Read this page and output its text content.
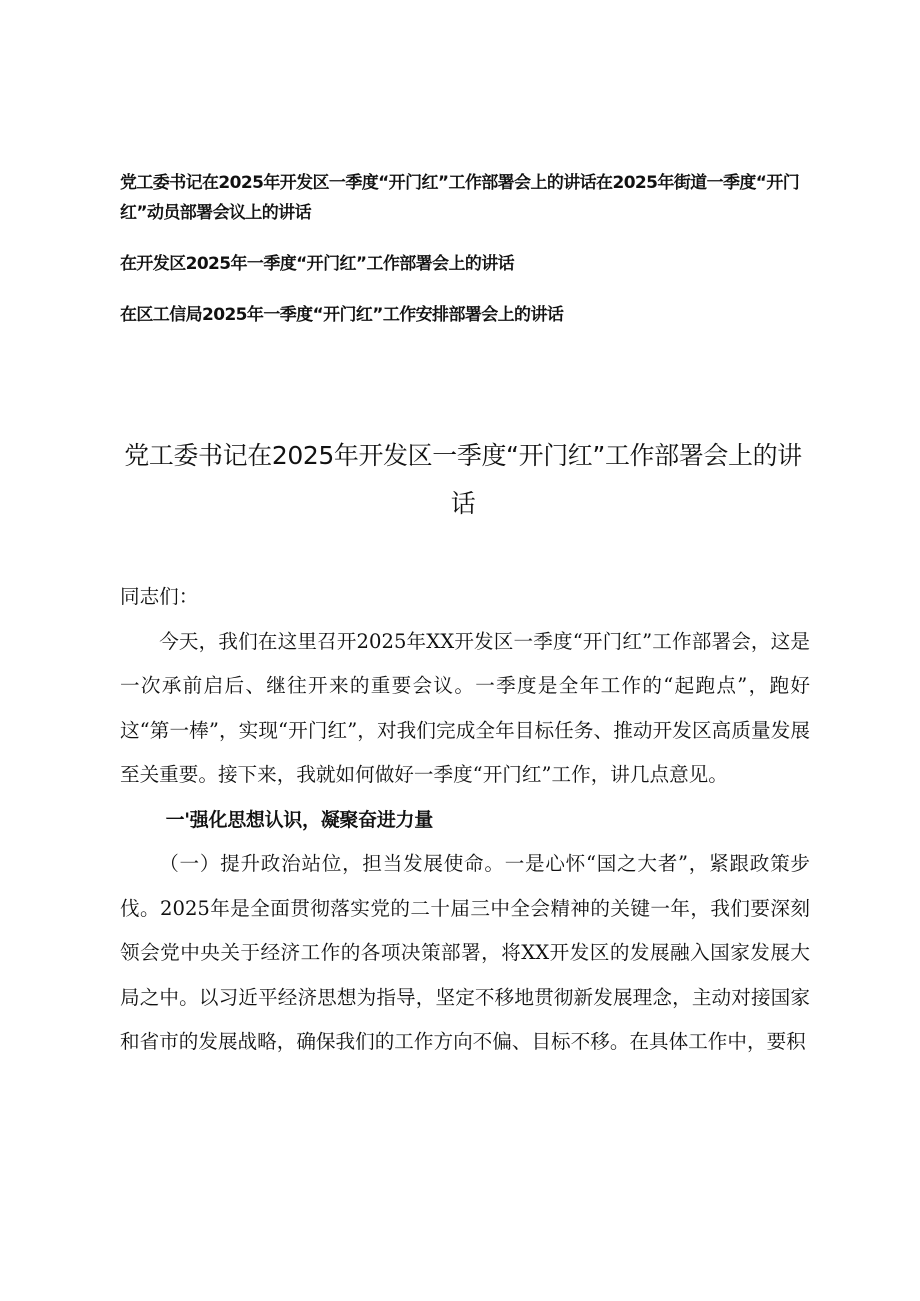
党工委书记在2025年开发区一季度“开门红”工作部署会上的讲话在2025年街道一季度“开门红”动员部署会议上的讲话
在开发区2025年一季度“开门红”工作部署会上的讲话
在区工信局2025年一季度“开门红”工作安排部署会上的讲话
党工委书记在2025年开发区一季度“开门红”工作部署会上的讲话

同志们：

今天，我们在这里召开2025年XX开发区一季度“开门红”工作部署会，这是一次承前启后、继往开来的重要会议。一季度是全年工作的“起跑点”，跑好这“第一棒”，实现“开门红”，对我们完成全年目标任务、推动开发区高质量发展至关重要。接下来，我就如何做好一季度“开门红”工作，讲几点意见。

一'强化思想认识，凝聚奋进力量

（一）提升政治站位，担当发展使命。一是心怀“国之大者”，紧跟政策步伐。2025年是全面贯彻落实党的二十届三中全会精神的关键一年，我们要深刻领会党中央关于经济工作的各项决策部署，将XX开发区的发展融入国家发展大局之中。以习近平经济思想为指导，坚定不移地贯彻新发展理念，主动对接国家和省市的发展战略，确保我们的工作方向不偏、目标不移。在具体工作中，要积
